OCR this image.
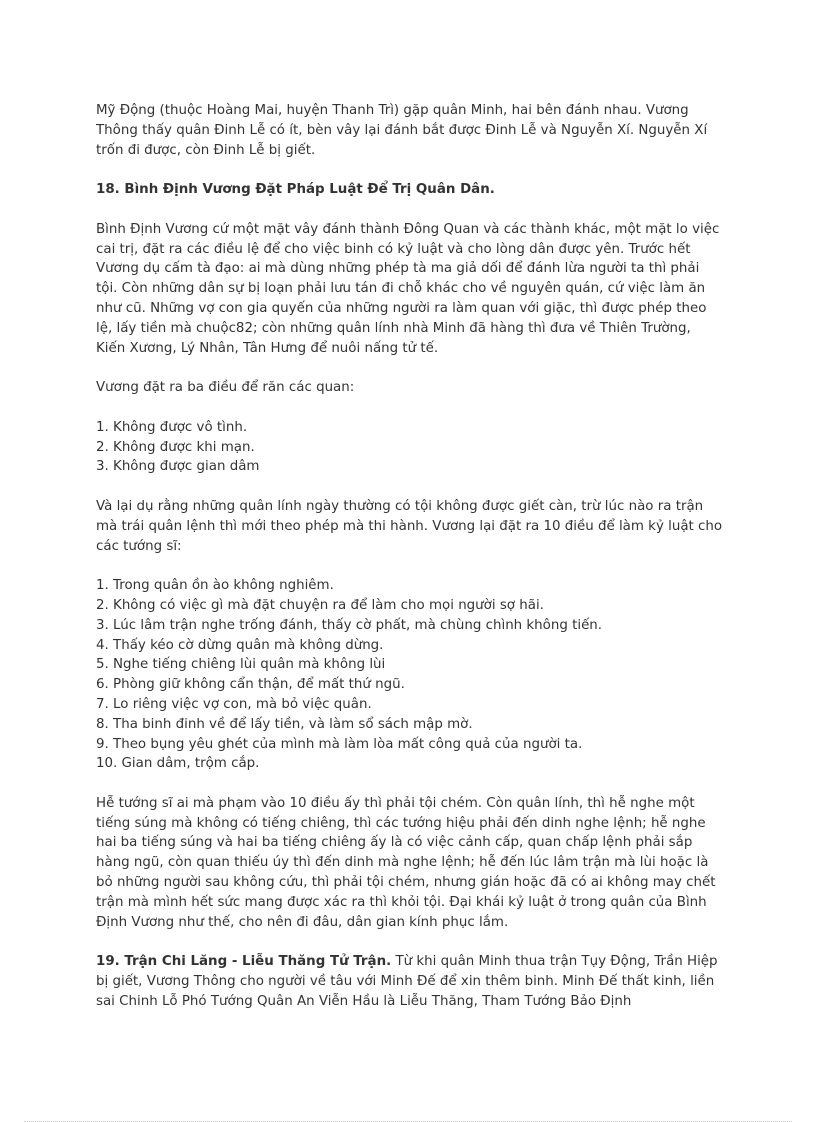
Mỹ Động (thuộc Hoàng Mai, huyện Thanh Trì) gặp quân Minh, hai bên đánh nhau. Vương Thông thấy quân Đinh Lễ có ít, bèn vây lại đánh bắt được Đinh Lễ và Nguyễn Xí. Nguyễn Xí trốn đi được, còn Đinh Lễ bị giết.

18. Bình Định Vương Đặt Pháp Luật Để Trị Quân Dân.

Bình Định Vương cứ một mặt vây đánh thành Đông Quan và các thành khác, một mặt lo việc cai trị, đặt ra các điều lệ để cho việc binh có kỷ luật và cho lòng dân được yên. Trước hết Vương dụ cấm tà đạo: ai mà dùng những phép tà ma giả dối để đánh lừa người ta thì phải tội. Còn những dân sự bị loạn phải lưu tán đi chỗ khác cho về nguyên quán, cứ việc làm ăn như cũ. Những vợ con gia quyến của những người ra làm quan với giặc, thì được phép theo lệ, lấy tiền mà chuộc82; còn những quân lính nhà Minh đã hàng thì đưa về Thiên Trường, Kiến Xương, Lý Nhân, Tân Hưng để nuôi nấng tử tế.

Vương đặt ra ba điều để răn các quan:

1. Không được vô tình.

2. Không được khi mạn.

3. Không được gian dâm

Và lại dụ rằng những quân lính ngày thường có tội không được giết càn, trừ lúc nào ra trận mà trái quân lệnh thì mới theo phép mà thi hành. Vương lại đặt ra 10 điều để làm kỷ luật cho các tướng sĩ:

1. Trong quân ồn ào không nghiêm.

2. Không có việc gì mà đặt chuyện ra để làm cho mọi người sợ hãi.

3. Lúc lâm trận nghe trống đánh, thấy cờ phất, mà chùng chình không tiến.

4. Thấy kéo cờ dừng quân mà không dừng.

5. Nghe tiếng chiêng lùi quân mà không lùi

6. Phòng giữ không cẩn thận, để mất thứ ngũ.

7. Lo riêng việc vợ con, mà bỏ việc quân.

8. Tha binh đinh về để lấy tiền, và làm sổ sách mập mờ.

9. Theo bụng yêu ghét của mình mà làm lòa mất công quả của người ta.

10. Gian dâm, trộm cắp.

Hễ tướng sĩ ai mà phạm vào 10 điều ấy thì phải tội chém. Còn quân lính, thì hễ nghe một tiếng súng mà không có tiếng chiêng, thì các tướng hiệu phải đến dinh nghe lệnh; hễ nghe hai ba tiếng súng và hai ba tiếng chiêng ấy là có việc cảnh cấp, quan chấp lệnh phải sắp hàng ngũ, còn quan thiếu úy thì đến dinh mà nghe lệnh; hễ đến lúc lâm trận mà lùi hoặc là bỏ những người sau không cứu, thì phải tội chém, nhưng gián hoặc đã có ai không may chết trận mà mình hết sức mang được xác ra thì khỏi tội. Đại khái kỷ luật ở trong quân của Bình Định Vương như thế, cho nên đi đâu, dân gian kính phục lắm.

19. Trận Chi Lăng - Liễu Thăng Tử Trận. Từ khi quân Minh thua trận Tụy Động, Trần Hiệp bị giết, Vương Thông cho người về tâu với Minh Đế để xin thêm binh. Minh Đế thất kinh, liền sai Chinh Lỗ Phó Tướng Quân An Viễn Hầu là Liễu Thăng, Tham Tướng Bảo Định
